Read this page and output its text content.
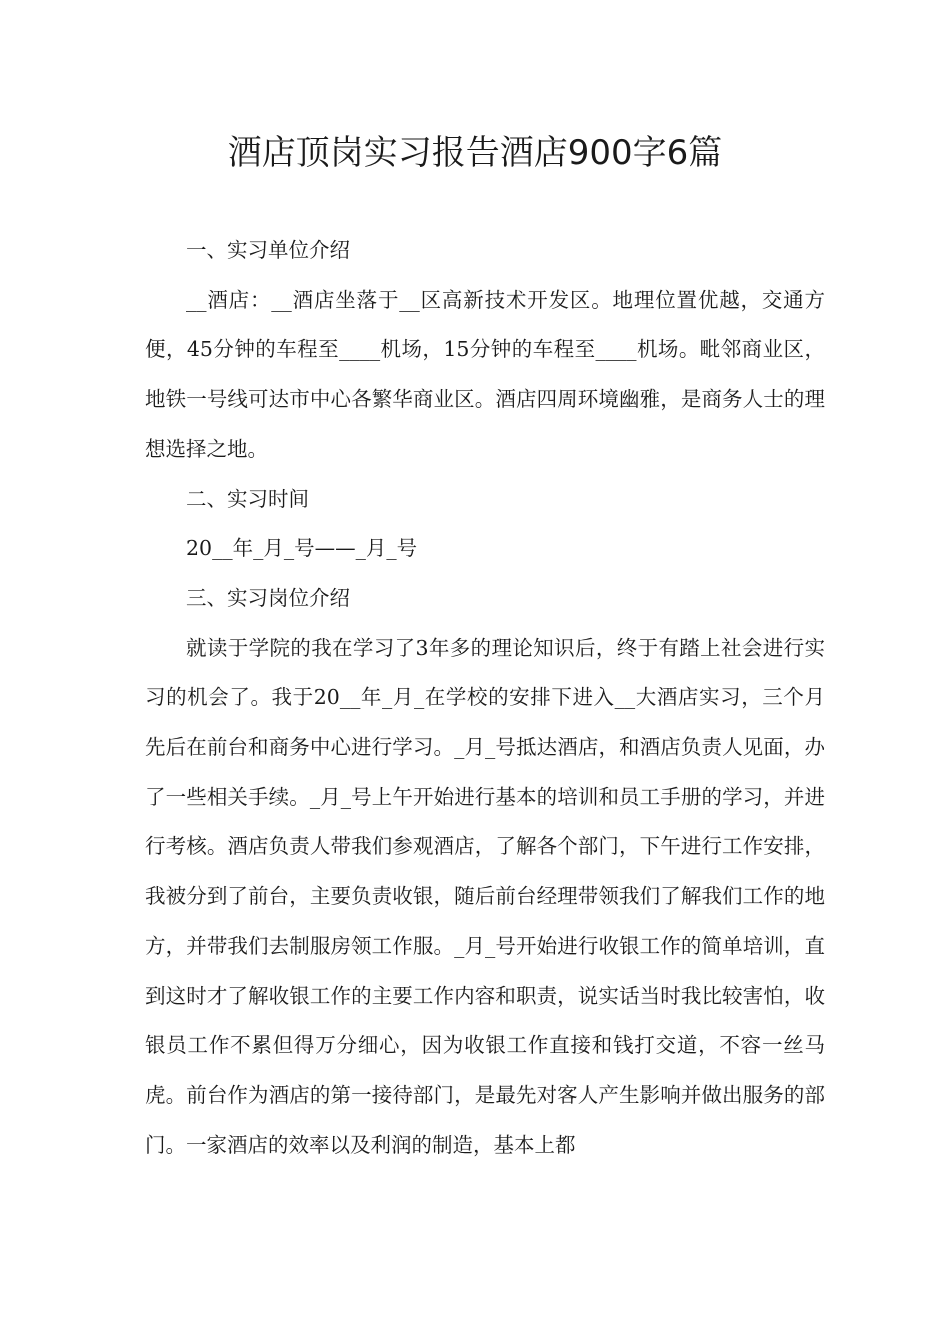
酒店顶岗实习报告酒店900字6篇

一、实习单位介绍

__酒店：__酒店坐落于__区高新技术开发区。地理位置优越，交通方便，45分钟的车程至____机场，15分钟的车程至____机场。毗邻商业区，地铁一号线可达市中心各繁华商业区。酒店四周环境幽雅，是商务人士的理想选择之地。

二、实习时间

20__年_月_号——_月_号

三、实习岗位介绍

就读于学院的我在学习了3年多的理论知识后，终于有踏上社会进行实习的机会了。我于20__年_月_在学校的安排下进入__大酒店实习，三个月先后在前台和商务中心进行学习。_月_号抵达酒店，和酒店负责人见面，办了一些相关手续。_月_号上午开始进行基本的培训和员工手册的学习，并进行考核。酒店负责人带我们参观酒店，了解各个部门，下午进行工作安排，我被分到了前台，主要负责收银，随后前台经理带领我们了解我们工作的地方，并带我们去制服房领工作服。_月_号开始进行收银工作的简单培训，直到这时才了解收银工作的主要工作内容和职责，说实话当时我比较害怕，收银员工作不累但得万分细心，因为收银工作直接和钱打交道，不容一丝马虎。前台作为酒店的第一接待部门，是最先对客人产生影响并做出服务的部门。一家酒店的效率以及利润的制造，基本上都
